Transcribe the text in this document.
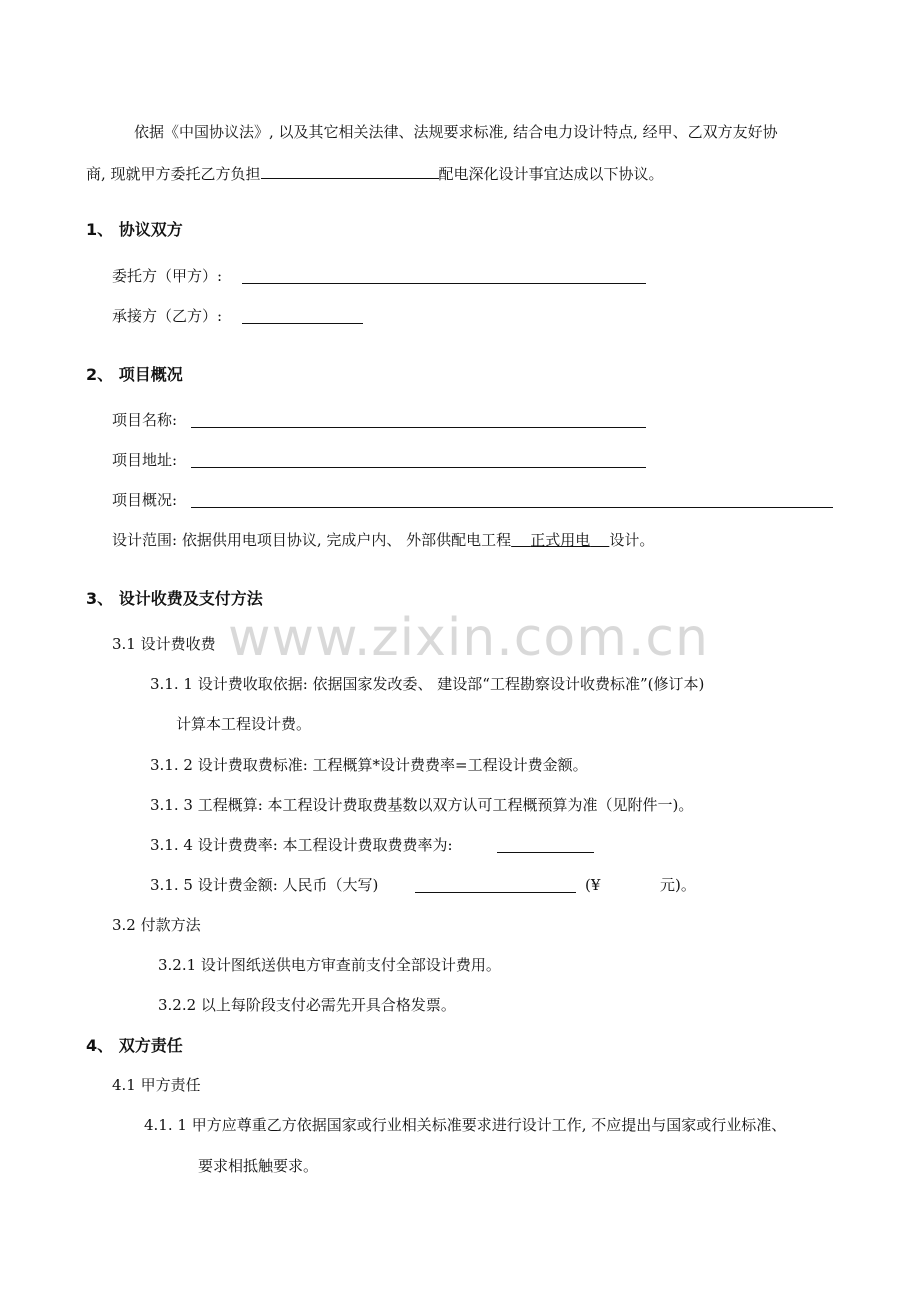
依据《中国协议法》, 以及其它相关法律、法规要求标准, 结合电力设计特点, 经甲、乙双方友好协
商, 现就甲方委托乙方负担	配电深化设计事宜达成以下协议。
1、 协议双方
委托方（甲方）:
承接方（乙方）:
2、 项目概况
项目名称:
项目地址:
项目概况:
设计范围: 依据供用电项目协议, 完成户内、 外部供配电工程 正式用电 设计。
3、 设计收费及支付方法
3.1 设计费收费
3.1. 1 设计费收取依据: 依据国家发改委、 建设部“工程勘察设计收费标准”(修订本)
计算本工程设计费。
3.1. 2 设计费取费标准: 工程概算*设计费费率=工程设计费金额。
3.1. 3 工程概算: 本工程设计费取费基数以双方认可工程概预算为准（见附件一)。
3.1. 4 设计费费率: 本工程设计费取费费率为:
3.1. 5 设计费金额: 人民币（大写)	(¥	元)。
3.2 付款方法
3.2.1 设计图纸送供电方审查前支付全部设计费用。
3.2.2 以上每阶段支付必需先开具合格发票。
4、 双方责任
4.1 甲方责任
4.1. 1 甲方应尊重乙方依据国家或行业相关标准要求进行设计工作, 不应提出与国家或行业标准、
要求相抵触要求。
www.zixin.com.cn
